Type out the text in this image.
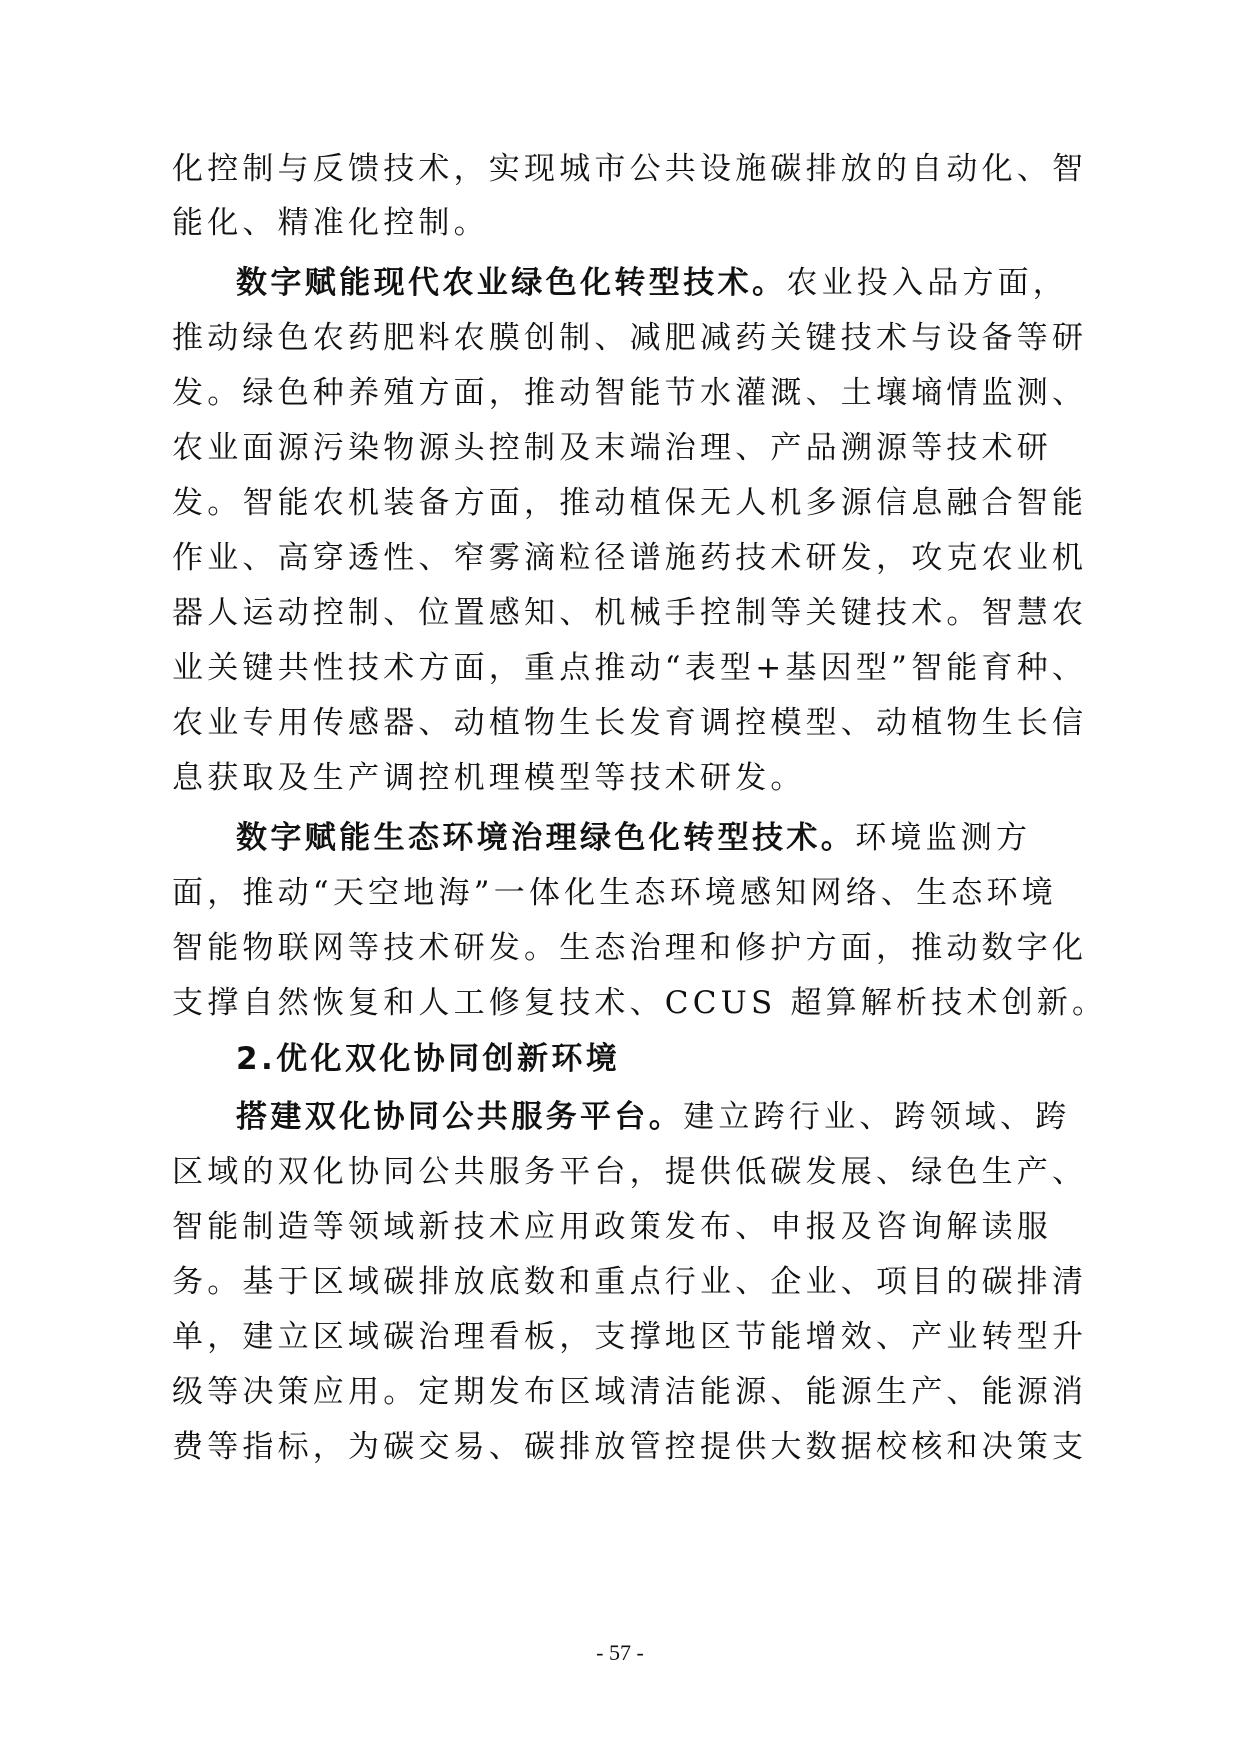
化控制与反馈技术，实现城市公共设施碳排放的自动化、智
能化、精准化控制。
数字赋能现代农业绿色化转型技术。农业投入品方面，
推动绿色农药肥料农膜创制、减肥减药关键技术与设备等研
发。绿色种养殖方面，推动智能节水灌溉、土壤墒情监测、
农业面源污染物源头控制及末端治理、产品溯源等技术研
发。智能农机装备方面，推动植保无人机多源信息融合智能
作业、高穿透性、窄雾滴粒径谱施药技术研发，攻克农业机
器人运动控制、位置感知、机械手控制等关键技术。智慧农
业关键共性技术方面，重点推动“表型+基因型”智能育种、
农业专用传感器、动植物生长发育调控模型、动植物生长信
息获取及生产调控机理模型等技术研发。
数字赋能生态环境治理绿色化转型技术。环境监测方
面，推动“天空地海”一体化生态环境感知网络、生态环境
智能物联网等技术研发。生态治理和修护方面，推动数字化
支撑自然恢复和人工修复技术、CCUS 超算解析技术创新。
2.优化双化协同创新环境
搭建双化协同公共服务平台。建立跨行业、跨领域、跨
区域的双化协同公共服务平台，提供低碳发展、绿色生产、
智能制造等领域新技术应用政策发布、申报及咨询解读服
务。基于区域碳排放底数和重点行业、企业、项目的碳排清
单，建立区域碳治理看板，支撑地区节能增效、产业转型升
级等决策应用。定期发布区域清洁能源、能源生产、能源消
费等指标，为碳交易、碳排放管控提供大数据校核和决策支
- 57 -
